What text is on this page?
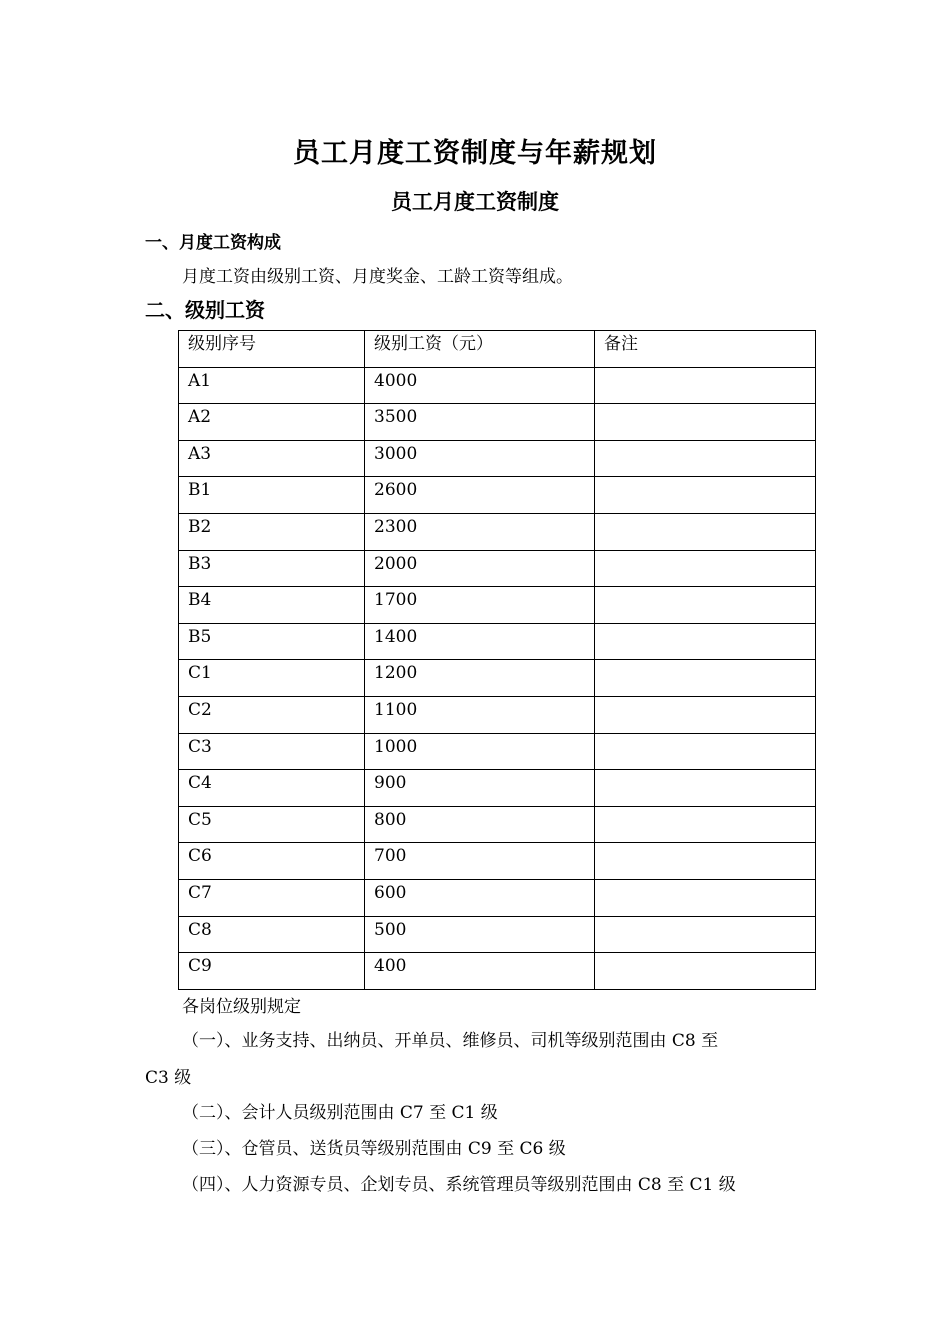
员工月度工资制度与年薪规划
员工月度工资制度
一、月度工资构成
月度工资由级别工资、月度奖金、工龄工资等组成。
二、级别工资
级别序号	级别工资（元）	备注
A1	4000	
A2	3500	
A3	3000	
B1	2600	
B2	2300	
B3	2000	
B4	1700	
B5	1400	
C1	1200	
C2	1100	
C3	1000	
C4	900	
C5	800	
C6	700	
C7	600	
C8	500	
C9	400	
各岗位级别规定
（一）、业务支持、出纳员、开单员、维修员、司机等级别范围由 C8 至
C3 级
（二）、会计人员级别范围由 C7 至 C1 级
（三）、仓管员、送货员等级别范围由 C9 至 C6 级
（四）、人力资源专员、企划专员、系统管理员等级别范围由 C8 至 C1 级
